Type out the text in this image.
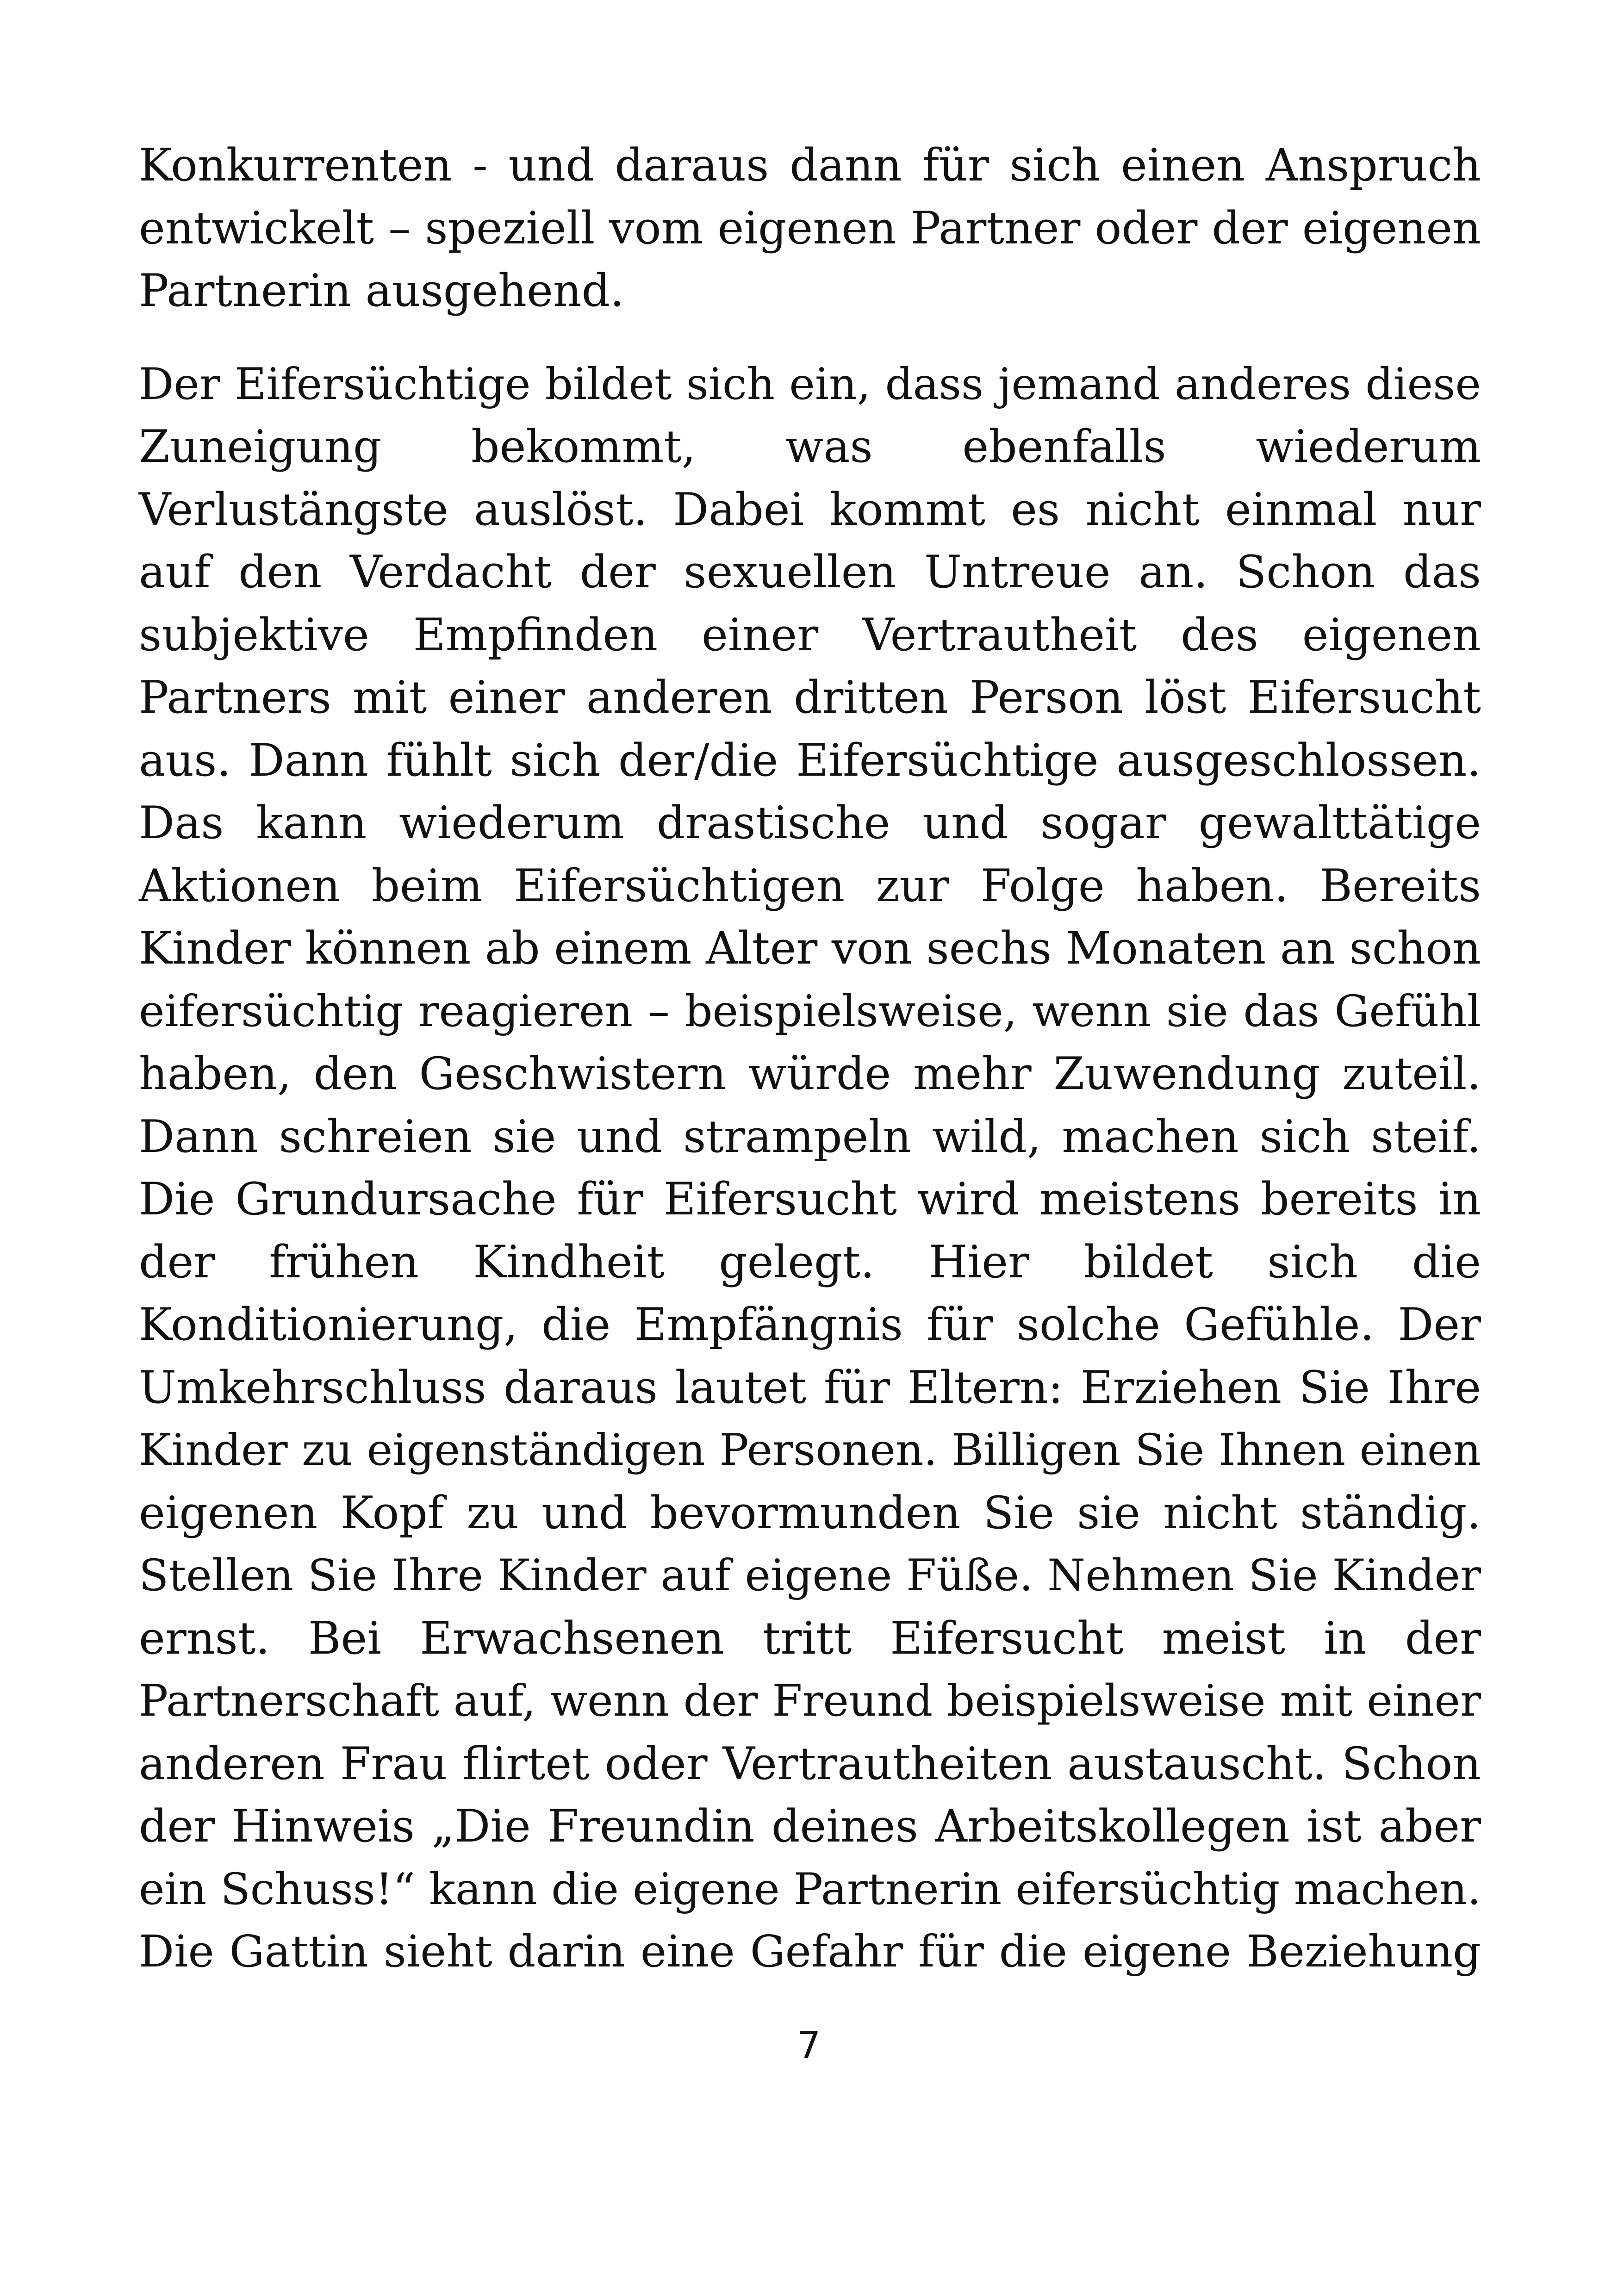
Konkurrenten - und daraus dann für sich einen Anspruch
entwickelt – speziell vom eigenen Partner oder der eigenen
Partnerin ausgehend.
Der Eifersüchtige bildet sich ein, dass jemand anderes diese
Zuneigung bekommt, was ebenfalls wiederum
Verlustängste auslöst. Dabei kommt es nicht einmal nur
auf den Verdacht der sexuellen Untreue an. Schon das
subjektive Empfinden einer Vertrautheit des eigenen
Partners mit einer anderen dritten Person löst Eifersucht
aus. Dann fühlt sich der/die Eifersüchtige ausgeschlossen.
Das kann wiederum drastische und sogar gewalttätige
Aktionen beim Eifersüchtigen zur Folge haben. Bereits
Kinder können ab einem Alter von sechs Monaten an schon
eifersüchtig reagieren – beispielsweise, wenn sie das Gefühl
haben, den Geschwistern würde mehr Zuwendung zuteil.
Dann schreien sie und strampeln wild, machen sich steif.
Die Grundursache für Eifersucht wird meistens bereits in
der frühen Kindheit gelegt. Hier bildet sich die
Konditionierung, die Empfängnis für solche Gefühle. Der
Umkehrschluss daraus lautet für Eltern: Erziehen Sie Ihre
Kinder zu eigenständigen Personen. Billigen Sie Ihnen einen
eigenen Kopf zu und bevormunden Sie sie nicht ständig.
Stellen Sie Ihre Kinder auf eigene Füße. Nehmen Sie Kinder
ernst. Bei Erwachsenen tritt Eifersucht meist in der
Partnerschaft auf, wenn der Freund beispielsweise mit einer
anderen Frau flirtet oder Vertrautheiten austauscht. Schon
der Hinweis „Die Freundin deines Arbeitskollegen ist aber
ein Schuss!“ kann die eigene Partnerin eifersüchtig machen.
Die Gattin sieht darin eine Gefahr für die eigene Beziehung
7
